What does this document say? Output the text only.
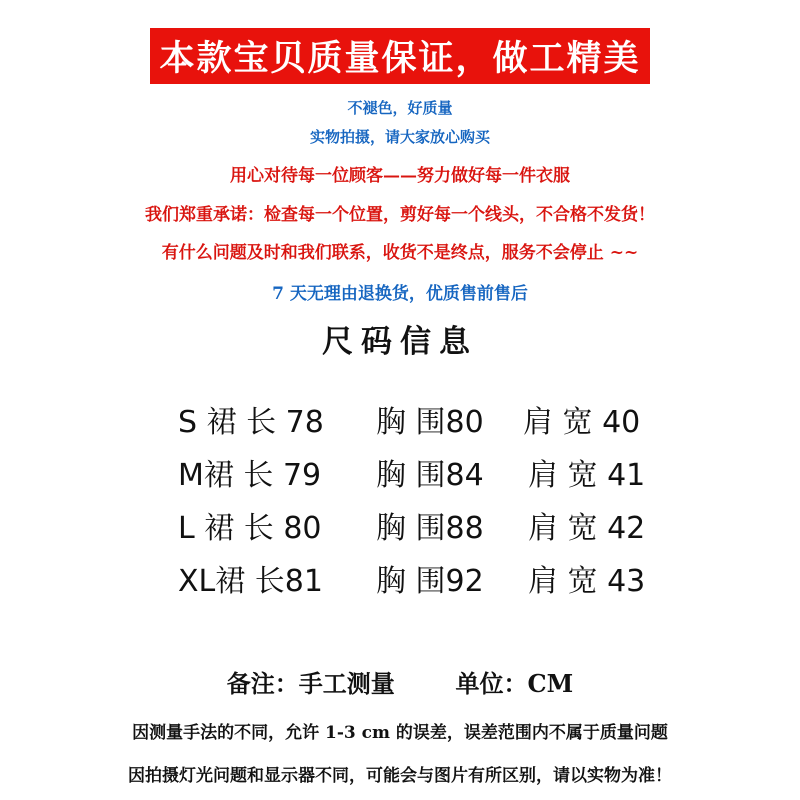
本款宝贝质量保证，做工精美
不褪色，好质量
实物拍摄，请大家放心购买
用心对待每一位顾客——努力做好每一件衣服
我们郑重承诺：检查每一个位置，剪好每一个线头，不合格不发货！
有什么问题及时和我们联系，收货不是终点，服务不会停止 ~~
7 天无理由退换货，优质售前售后
尺码信息
S 裙 长 78 胸 围80 肩 宽 40
M裙 长 79 胸 围84 肩 宽 41
L 裙 长 80 胸 围88 肩 宽 42
XL裙 长81 胸 围92 肩 宽 43
备注：手工测量	单位：CM
因测量手法的不同，允许 1-3 cm 的误差，误差范围内不属于质量问题
因拍摄灯光问题和显示器不同，可能会与图片有所区别，请以实物为准！
